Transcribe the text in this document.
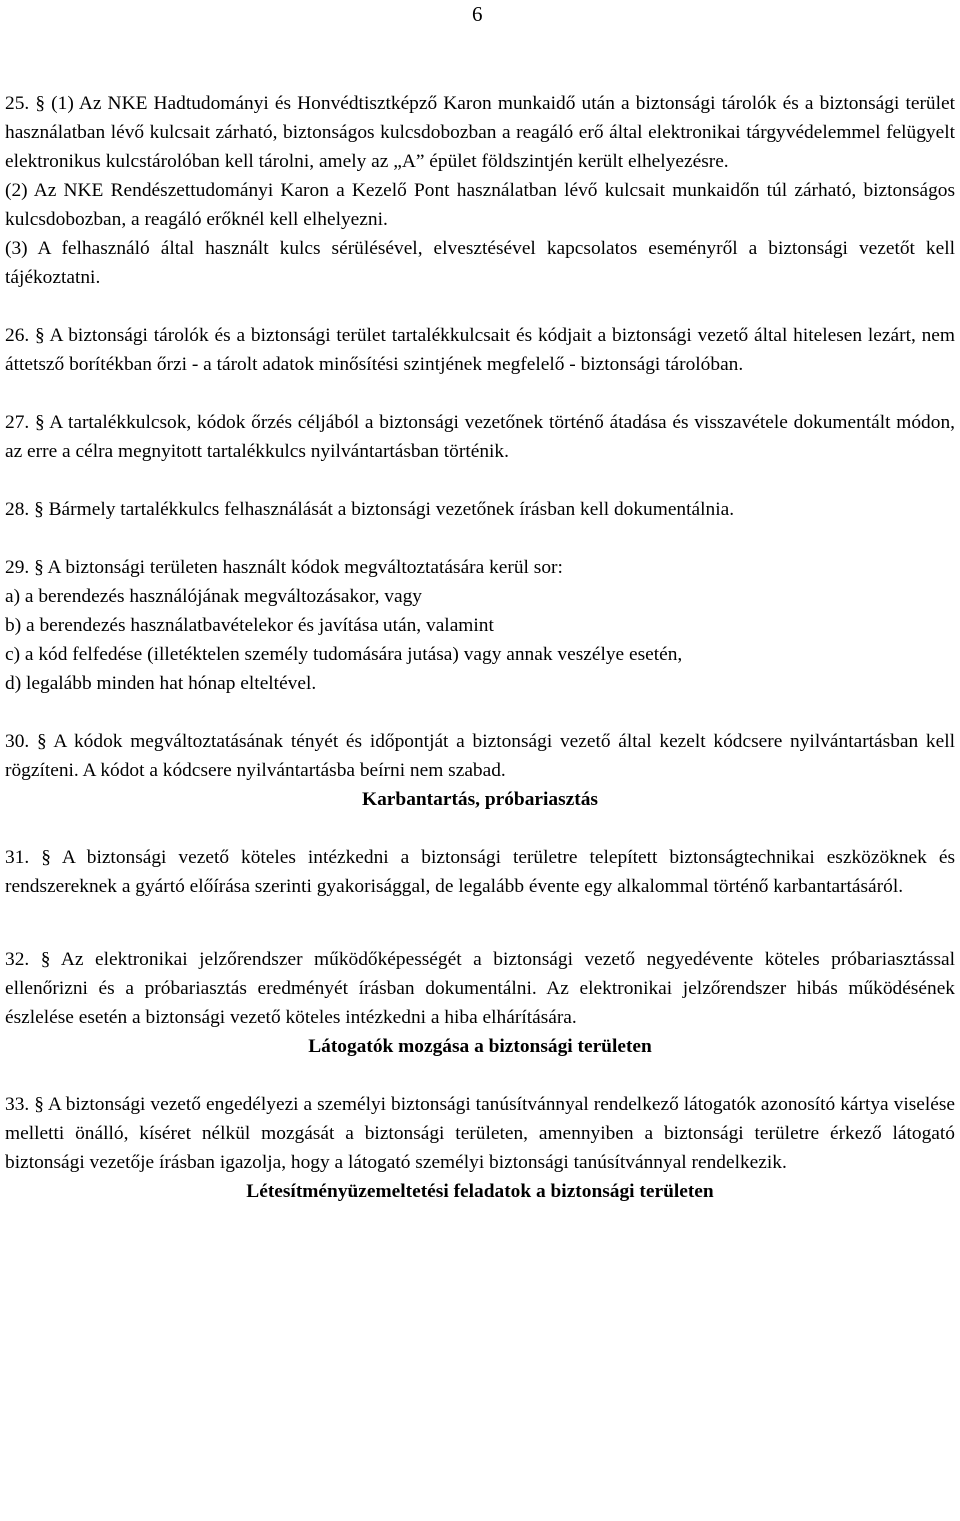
6

25. § (1) Az NKE Hadtudományi és Honvédtisztképző Karon munkaidő után a biztonsági tárolók és a biztonsági terület használatban lévő kulcsait zárható, biztonságos kulcsdobozban a reagáló erő által elektronikai tárgyvédelemmel felügyelt elektronikus kulcstárolóban kell tárolni, amely az „A” épület földszintjén került elhelyezésre.

(2) Az NKE Rendészettudományi Karon a Kezelő Pont használatban lévő kulcsait munkaidőn túl zárható, biztonságos kulcsdobozban, a reagáló erőknél kell elhelyezni.

(3) A felhasználó által használt kulcs sérülésével, elvesztésével kapcsolatos eseményről a biztonsági vezetőt kell tájékoztatni.

26. § A biztonsági tárolók és a biztonsági terület tartalékkulcsait és kódjait a biztonsági vezető által hitelesen lezárt, nem áttetsző borítékban őrzi - a tárolt adatok minősítési szintjének megfelelő - biztonsági tárolóban.

27. § A tartalékkulcsok, kódok őrzés céljából a biztonsági vezetőnek történő átadása és visszavétele dokumentált módon, az erre a célra megnyitott tartalékkulcs nyilvántartásban történik.

28. § Bármely tartalékkulcs felhasználását a biztonsági vezetőnek írásban kell dokumentálnia.

29. § A biztonsági területen használt kódok megváltoztatására kerül sor:

a) a berendezés használójának megváltozásakor, vagy

b) a berendezés használatbavételekor és javítása után, valamint

c) a kód felfedése (illetéktelen személy tudomására jutása) vagy annak veszélye esetén,

d) legalább minden hat hónap elteltével.

30. § A kódok megváltoztatásának tényét és időpontját a biztonsági vezető által kezelt kódcsere nyilvántartásban kell rögzíteni. A kódot a kódcsere nyilvántartásba beírni nem szabad.

Karbantartás, próbariasztás

31. § A biztonsági vezető köteles intézkedni a biztonsági területre telepített biztonságtechnikai eszközöknek és rendszereknek a gyártó előírása szerinti gyakorisággal, de legalább évente egy alkalommal történő karbantartásáról.

32. § Az elektronikai jelzőrendszer működőképességét a biztonsági vezető negyedévente köteles próbariasztással ellenőrizni és a próbariasztás eredményét írásban dokumentálni. Az elektronikai jelzőrendszer hibás működésének észlelése esetén a biztonsági vezető köteles intézkedni a hiba elhárítására.

Látogatók mozgása a biztonsági területen

33. § A biztonsági vezető engedélyezi a személyi biztonsági tanúsítvánnyal rendelkező látogatók azonosító kártya viselése melletti önálló, kíséret nélkül mozgását a biztonsági területen, amennyiben a biztonsági területre érkező látogató biztonsági vezetője írásban igazolja, hogy a látogató személyi biztonsági tanúsítvánnyal rendelkezik.

Létesítményüzemeltetési feladatok a biztonsági területen
